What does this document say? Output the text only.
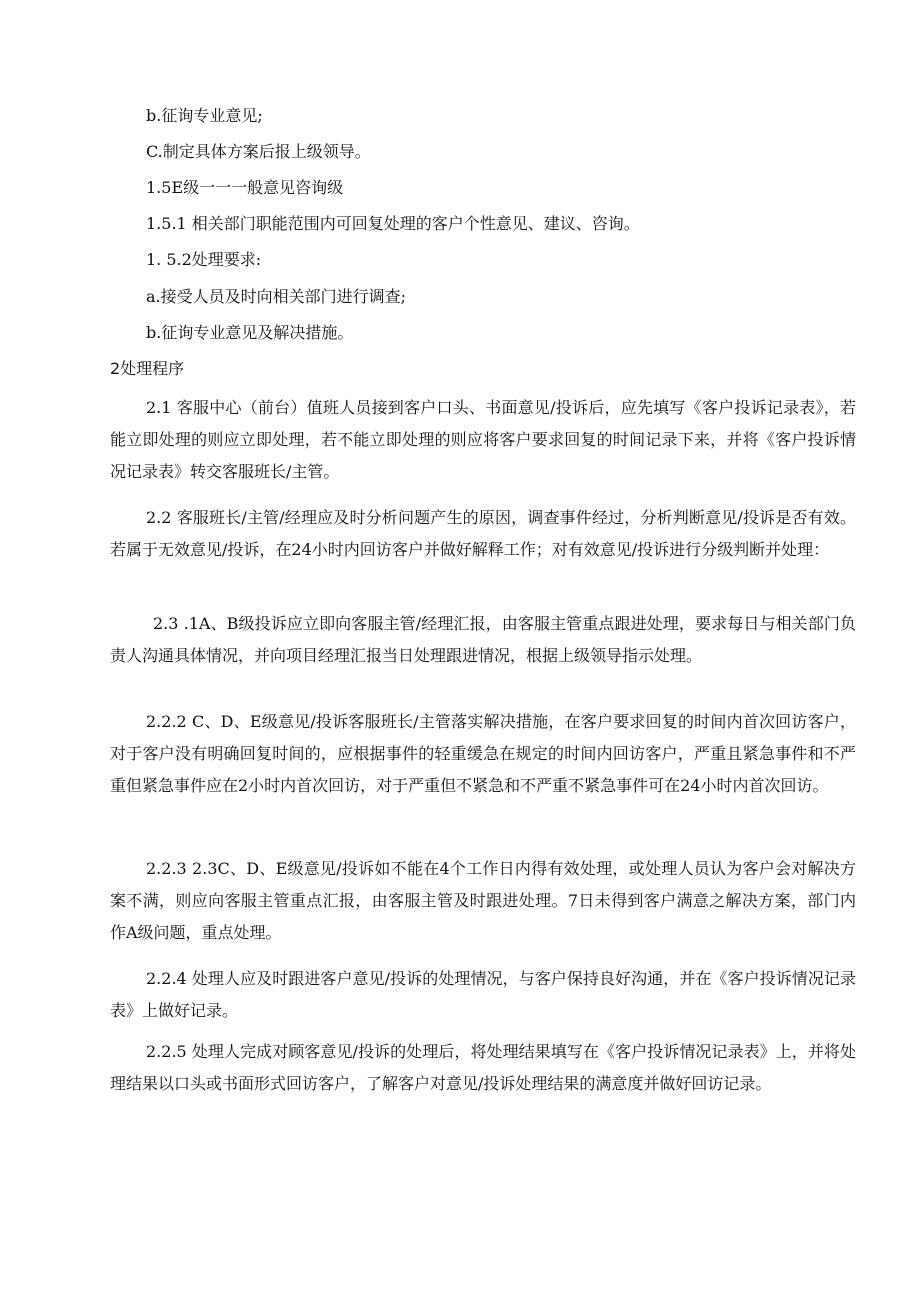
b.征询专业意见;
C.制定具体方案后报上级领导。
1.5E级一一一般意见咨询级
1.5.1 相关部门职能范围内可回复处理的客户个性意见、建议、咨询。
1. 5.2处理要求:
a.接受人员及时向相关部门进行调查;
b.征询专业意见及解决措施。
2处理程序

2.1 客服中心（前台）值班人员接到客户口头、书面意见/投诉后，应先填写《客户投诉记录表》，若能立即处理的则应立即处理，若不能立即处理的则应将客户要求回复的时间记录下来，并将《客户投诉情况记录表》转交客服班长/主管。

2.2 客服班长/主管/经理应及时分析问题产生的原因，调查事件经过，分析判断意见/投诉是否有效。若属于无效意见/投诉，在24小时内回访客户并做好解释工作；对有效意见/投诉进行分级判断并处理：

2.3 .1A、B级投诉应立即向客服主管/经理汇报，由客服主管重点跟进处理，要求每日与相关部门负责人沟通具体情况，并向项目经理汇报当日处理跟进情况，根据上级领导指示处理。

2.2.2 C、D、E级意见/投诉客服班长/主管落实解决措施，在客户要求回复的时间内首次回访客户，对于客户没有明确回复时间的，应根据事件的轻重缓急在规定的时间内回访客户，严重且紧急事件和不严重但紧急事件应在2小时内首次回访，对于严重但不紧急和不严重不紧急事件可在24小时内首次回访。

2.2.3 2.3C、D、E级意见/投诉如不能在4个工作日内得有效处理，或处理人员认为客户会对解决方案不满，则应向客服主管重点汇报，由客服主管及时跟进处理。7日未得到客户满意之解决方案，部门内作A级问题，重点处理。

2.2.4 处理人应及时跟进客户意见/投诉的处理情况，与客户保持良好沟通，并在《客户投诉情况记录表》上做好记录。

2.2.5 处理人完成对顾客意见/投诉的处理后，将处理结果填写在《客户投诉情况记录表》上，并将处理结果以口头或书面形式回访客户，了解客户对意见/投诉处理结果的满意度并做好回访记录。
